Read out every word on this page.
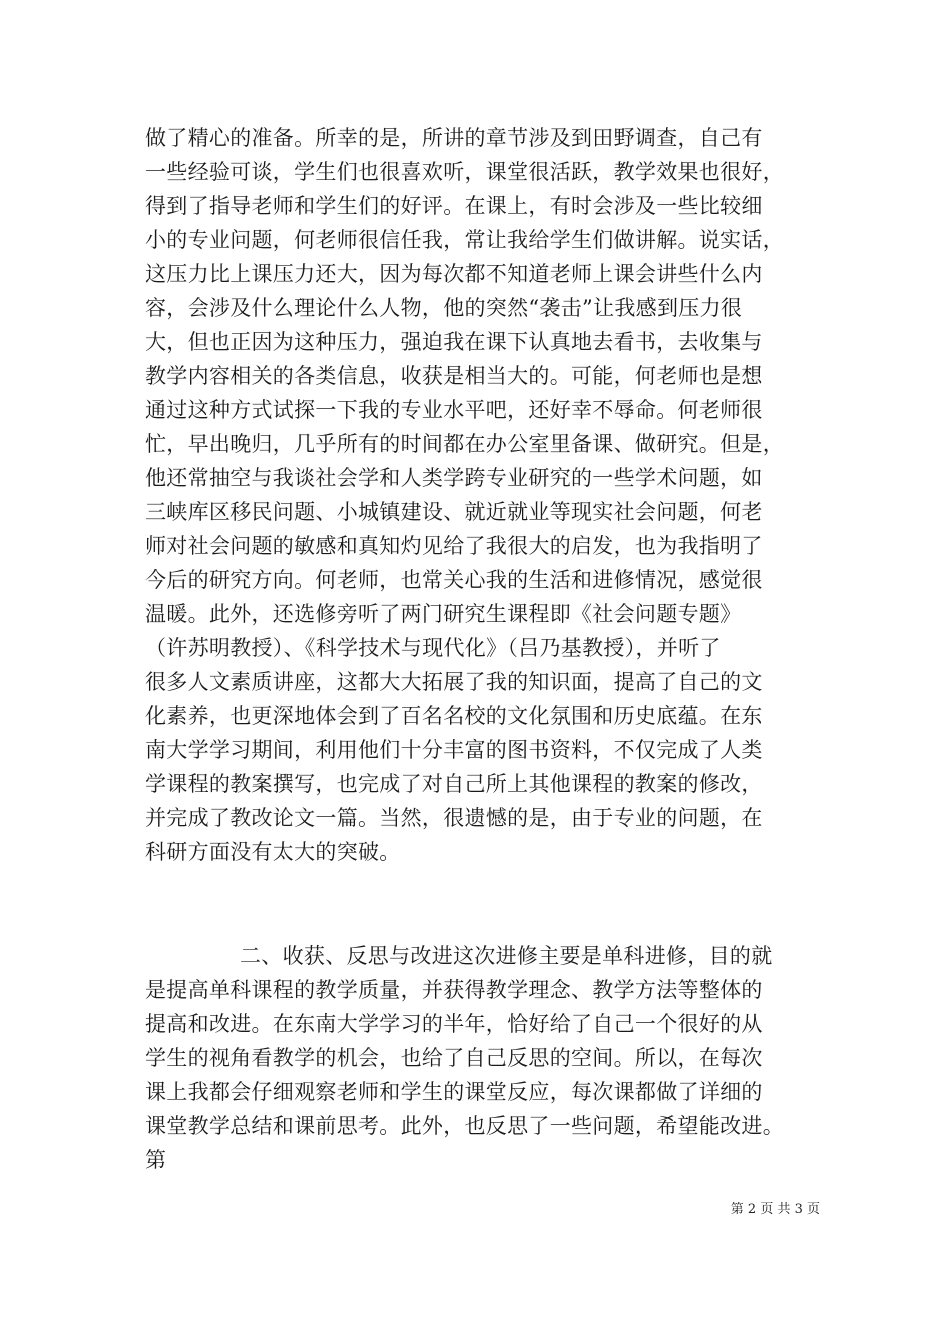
做了精心的准备。所幸的是，所讲的章节涉及到田野调查，自己有
一些经验可谈，学生们也很喜欢听，课堂很活跃，教学效果也很好，
得到了指导老师和学生们的好评。在课上，有时会涉及一些比较细
小的专业问题，何老师很信任我，常让我给学生们做讲解。说实话，
这压力比上课压力还大，因为每次都不知道老师上课会讲些什么内
容，会涉及什么理论什么人物，他的突然“袭击”让我感到压力很
大，但也正因为这种压力，强迫我在课下认真地去看书，去收集与
教学内容相关的各类信息，收获是相当大的。可能，何老师也是想
通过这种方式试探一下我的专业水平吧，还好幸不辱命。何老师很
忙，早出晚归，几乎所有的时间都在办公室里备课、做研究。但是，
他还常抽空与我谈社会学和人类学跨专业研究的一些学术问题，如
三峡库区移民问题、小城镇建设、就近就业等现实社会问题，何老
师对社会问题的敏感和真知灼见给了我很大的启发，也为我指明了
今后的研究方向。何老师，也常关心我的生活和进修情况，感觉很
温暖。此外，还选修旁听了两门研究生课程即《社会问题专题》
（许苏明教授）、《科学技术与现代化》（吕乃基教授），并听了
很多人文素质讲座，这都大大拓展了我的知识面，提高了自己的文
化素养，也更深地体会到了百名名校的文化氛围和历史底蕴。在东
南大学学习期间，利用他们十分丰富的图书资料，不仅完成了人类
学课程的教案撰写，也完成了对自己所上其他课程的教案的修改，
并完成了教改论文一篇。当然，很遗憾的是，由于专业的问题，在
科研方面没有太大的突破。
二、收获、反思与改进这次进修主要是单科进修，目的就
是提高单科课程的教学质量，并获得教学理念、教学方法等整体的
提高和改进。在东南大学学习的半年，恰好给了自己一个很好的从
学生的视角看教学的机会，也给了自己反思的空间。所以，在每次
课上我都会仔细观察老师和学生的课堂反应，每次课都做了详细的
课堂教学总结和课前思考。此外，也反思了一些问题，希望能改进。
第
第 2 页 共 3 页
